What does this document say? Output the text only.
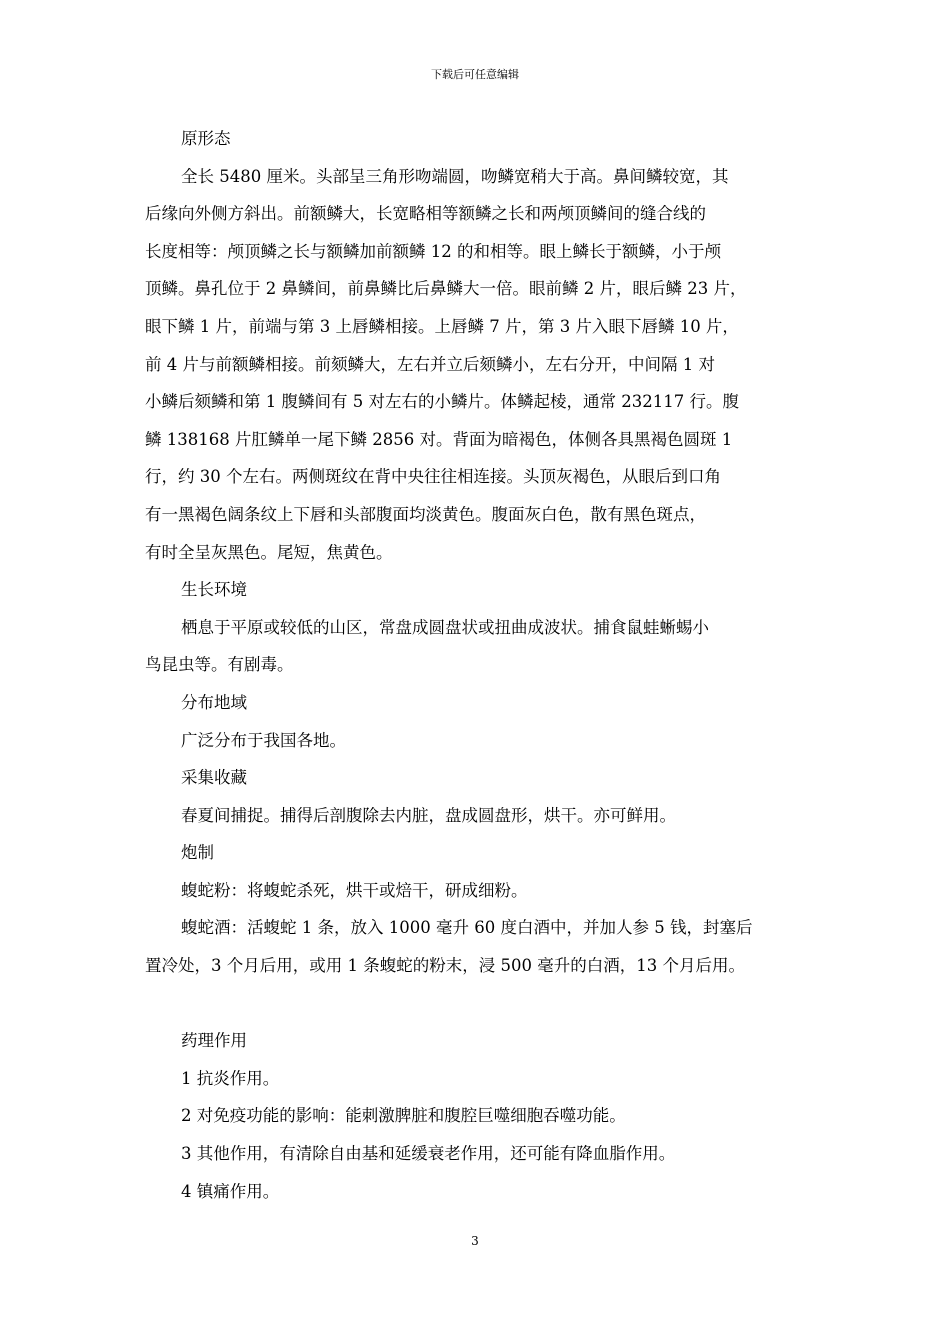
下载后可任意编辑
原形态
全长 5480 厘米。头部呈三角形吻端圆，吻鳞宽稍大于高。鼻间鳞较宽，其
后缘向外侧方斜出。前额鳞大，长宽略相等额鳞之长和两颅顶鳞间的缝合线的
长度相等：颅顶鳞之长与额鳞加前额鳞 12 的和相等。眼上鳞长于额鳞，小于颅
顶鳞。鼻孔位于 2 鼻鳞间，前鼻鳞比后鼻鳞大一倍。眼前鳞 2 片，眼后鳞 23 片，
眼下鳞 1 片，前端与第 3 上唇鳞相接。上唇鳞 7 片，第 3 片入眼下唇鳞 10 片，
前 4 片与前额鳞相接。前颏鳞大，左右并立后颏鳞小，左右分开，中间隔 1 对
小鳞后颏鳞和第 1 腹鳞间有 5 对左右的小鳞片。体鳞起棱，通常 232117 行。腹
鳞 138168 片肛鳞单一尾下鳞 2856 对。背面为暗褐色，体侧各具黑褐色圆斑 1
行，约 30 个左右。两侧斑纹在背中央往往相连接。头顶灰褐色，从眼后到口角
有一黑褐色阔条纹上下唇和头部腹面均淡黄色。腹面灰白色，散有黑色斑点，
有时全呈灰黑色。尾短，焦黄色。
生长环境
栖息于平原或较低的山区，常盘成圆盘状或扭曲成波状。捕食鼠蛙蜥蜴小
鸟昆虫等。有剧毒。
分布地域
广泛分布于我国各地。
采集收藏
春夏间捕捉。捕得后剖腹除去内脏，盘成圆盘形，烘干。亦可鲜用。
炮制
蝮蛇粉：将蝮蛇杀死，烘干或焙干，研成细粉。
蝮蛇酒：活蝮蛇 1 条，放入 1000 毫升 60 度白酒中，并加人参 5 钱，封塞后
置冷处，3 个月后用，或用 1 条蝮蛇的粉末，浸 500 毫升的白酒，13 个月后用。
药理作用
1 抗炎作用。
2 对免疫功能的影响：能刺激脾脏和腹腔巨噬细胞吞噬功能。
3 其他作用，有清除自由基和延缓衰老作用，还可能有降血脂作用。
4 镇痛作用。
3
